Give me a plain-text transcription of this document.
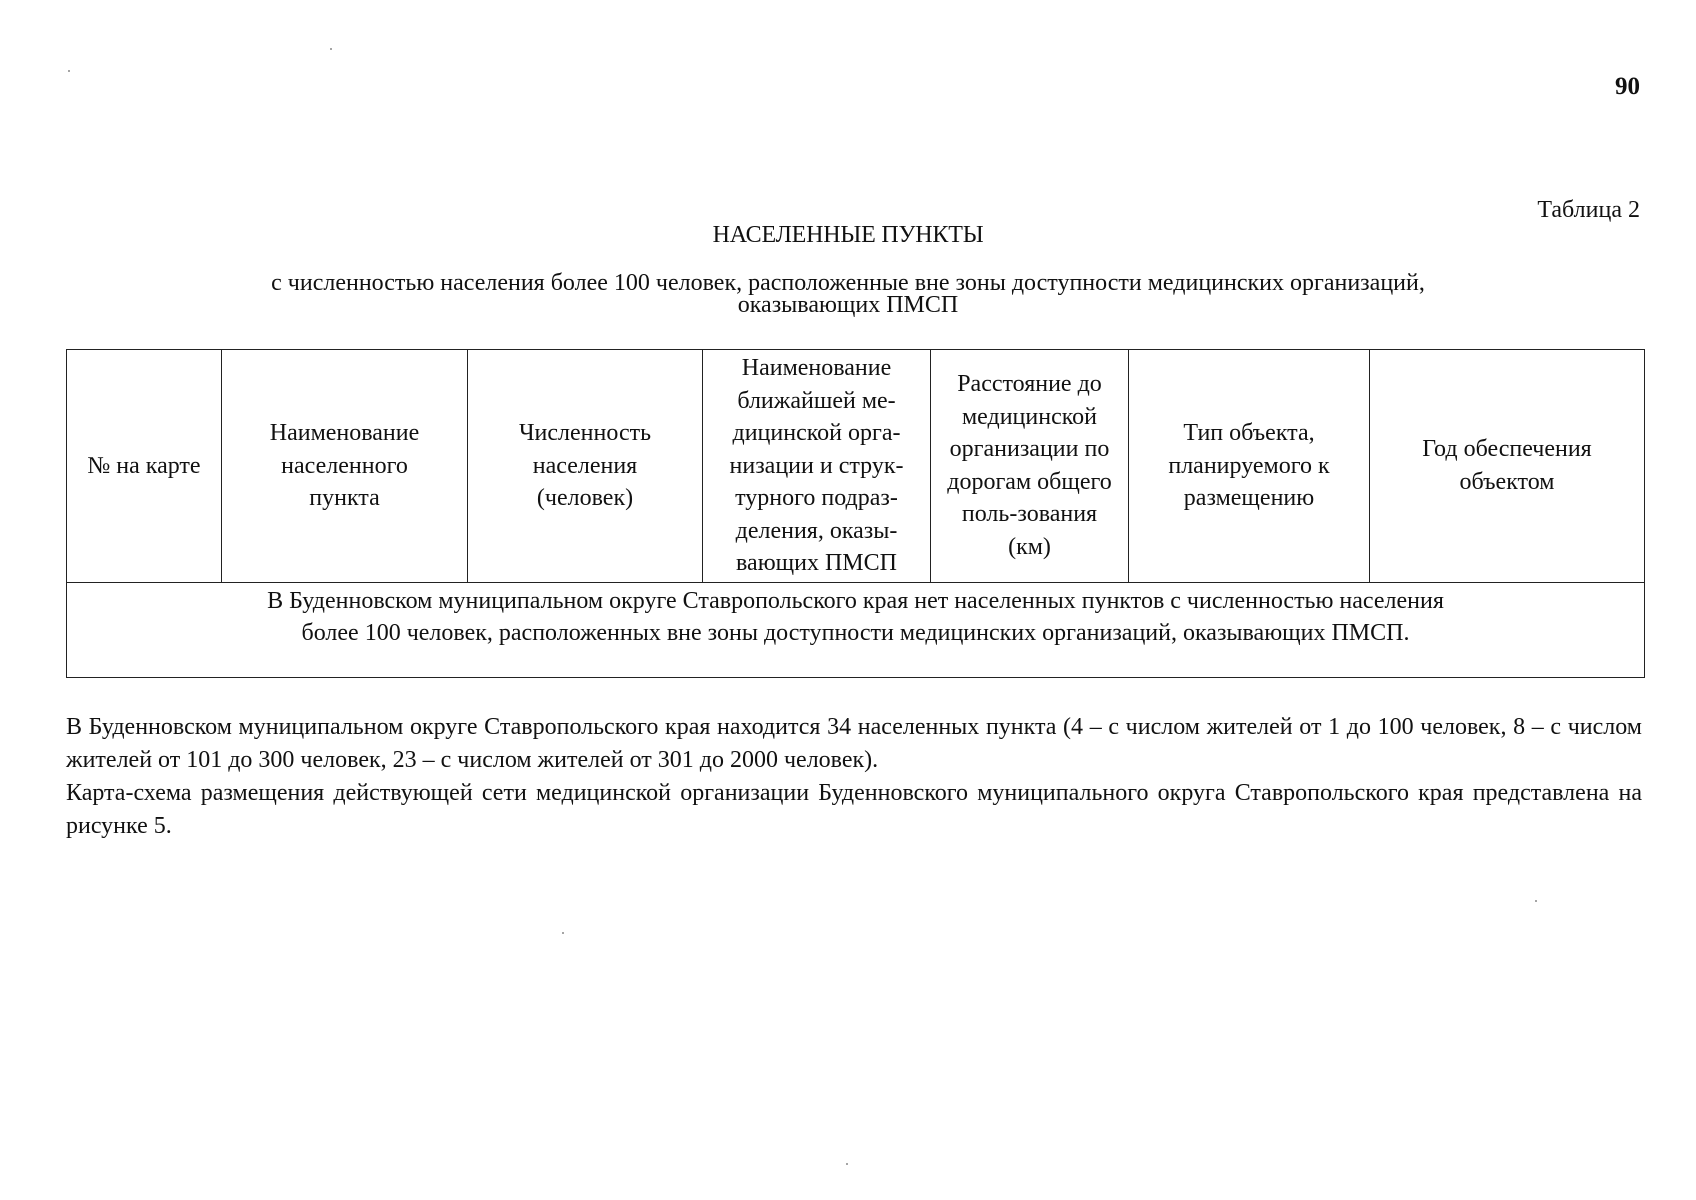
90
Таблица 2
НАСЕЛЕННЫЕ ПУНКТЫ
с численностью населения более 100 человек, расположенные вне зоны доступности медицинских организаций,
оказывающих ПМСП
№ на карте	Наименование населенного пункта	Численность населения (человек)	Наименование ближайшей ме-дицинской орга-низации и струк-турного подраз-деления, оказы-вающих ПМСП	Расстояние до медицинской организации по дорогам общего поль-зования (км)	Тип объекта, планируемого к размещению	Год обеспечения объектом

В Буденновском муниципальном округе Ставропольского края нет населенных пунктов с численностью населения
более 100 человек, расположенных вне зоны доступности медицинских организаций, оказывающих ПМСП.
В Буденновском муниципальном округе Ставропольского края находится 34 населенных пункта (4 – с числом жителей от 1 до 100 человек, 8 – с числом жителей от 101 до 300 человек, 23 – с числом жителей от 301 до 2000 человек).
Карта-схема размещения действующей сети медицинской организации Буденновского муниципального округа Ставропольского края представлена на рисунке 5.
